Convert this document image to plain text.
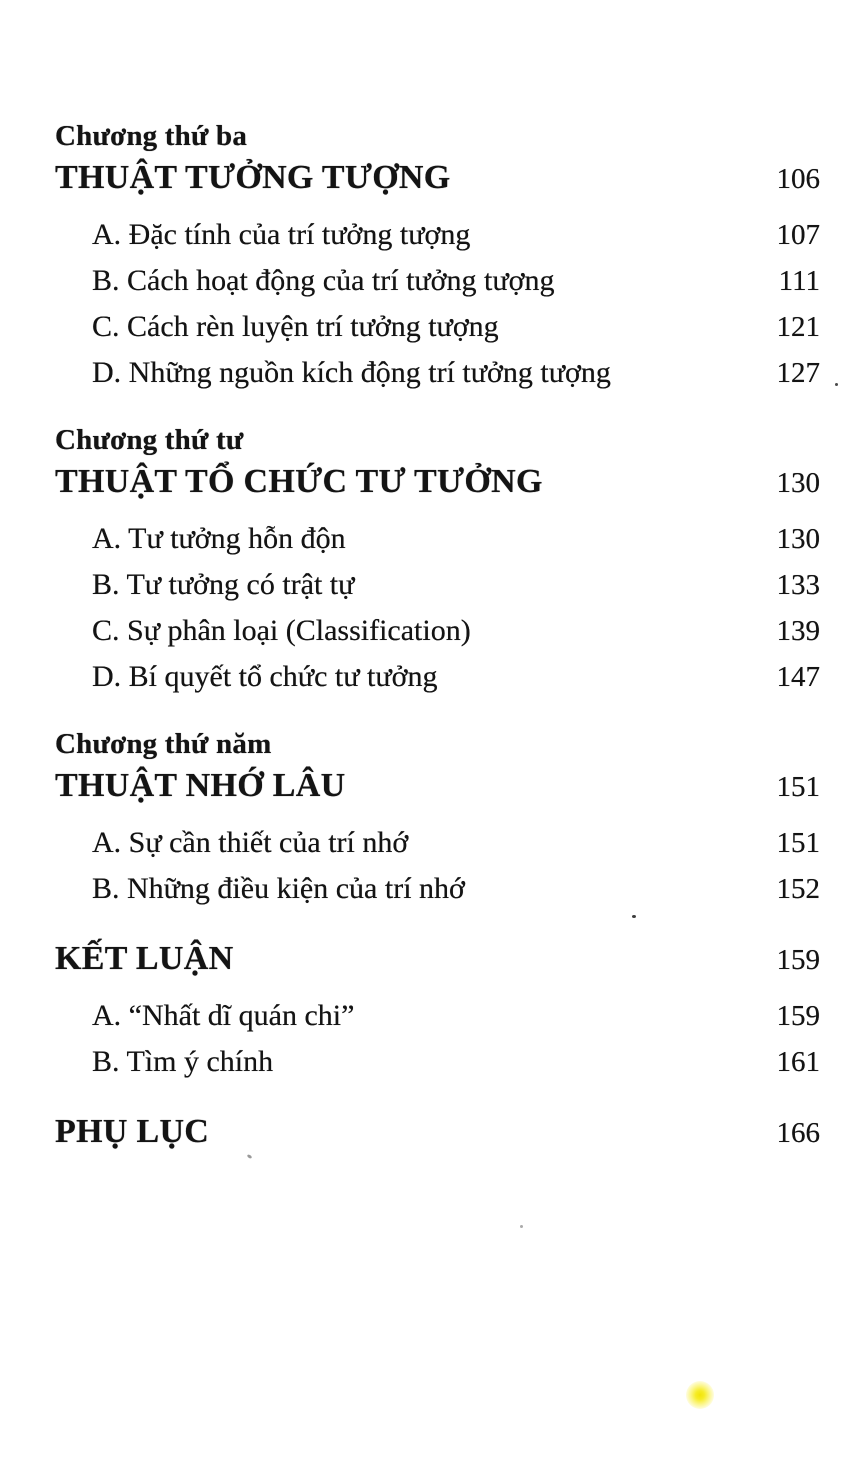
Chương thứ ba
THUẬT TƯỞNG TƯỢNG	106
A. Đặc tính của trí tưởng tượng	107
B. Cách hoạt động của trí tưởng tượng	111
C. Cách rèn luyện trí tưởng tượng	121
D. Những nguồn kích động trí tưởng tượng	127
Chương thứ tư
THUẬT TỔ CHỨC TƯ TƯỞNG	130
A. Tư tưởng hỗn độn	130
B. Tư tưởng có trật tự	133
C. Sự phân loại (Classification)	139
D. Bí quyết tổ chức tư tưởng	147
Chương thứ năm
THUẬT NHỚ LÂU	151
A. Sự cần thiết của trí nhớ	151
B. Những điều kiện của trí nhớ	152
KẾT LUẬN	159
A. “Nhất dĩ quán chi”	159
B. Tìm ý chính	161
PHỤ LỤC	166
